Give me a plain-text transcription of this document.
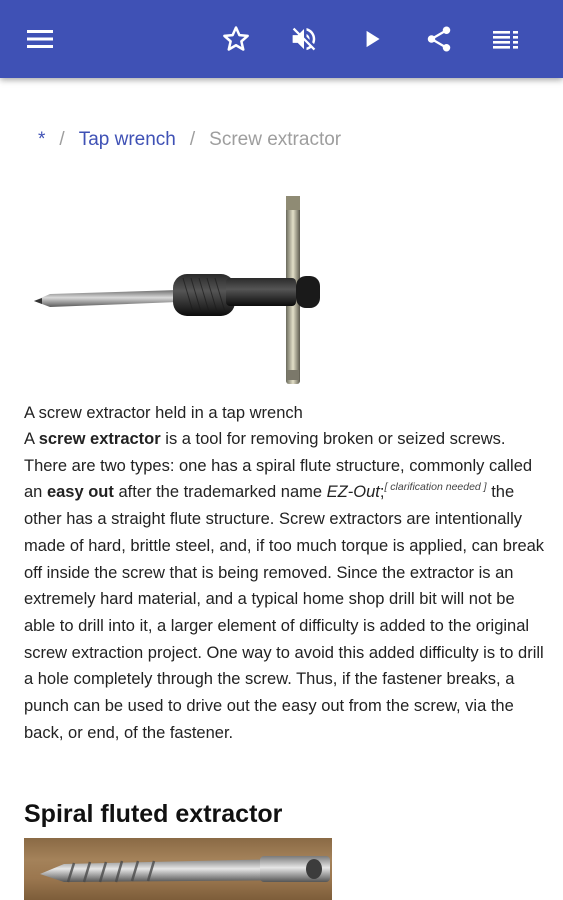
* / Tap wrench / Screw extractor
A screw extractor held in a tap wrench
A screw extractor is a tool for removing broken or seized screws. There are two types: one has a spiral flute structure, commonly called an easy out after the trademarked name EZ-Out;[ clarification needed ] the other has a straight flute structure. Screw extractors are intentionally made of hard, brittle steel, and, if too much torque is applied, can break off inside the screw that is being removed. Since the extractor is an extremely hard material, and a typical home shop drill bit will not be able to drill into it, a larger element of difficulty is added to the original screw extraction project. One way to avoid this added difficulty is to drill a hole completely through the screw. Thus, if the fastener breaks, a punch can be used to drive out the easy out from the screw, via the back, or end, of the fastener.
Spiral fluted extractor
